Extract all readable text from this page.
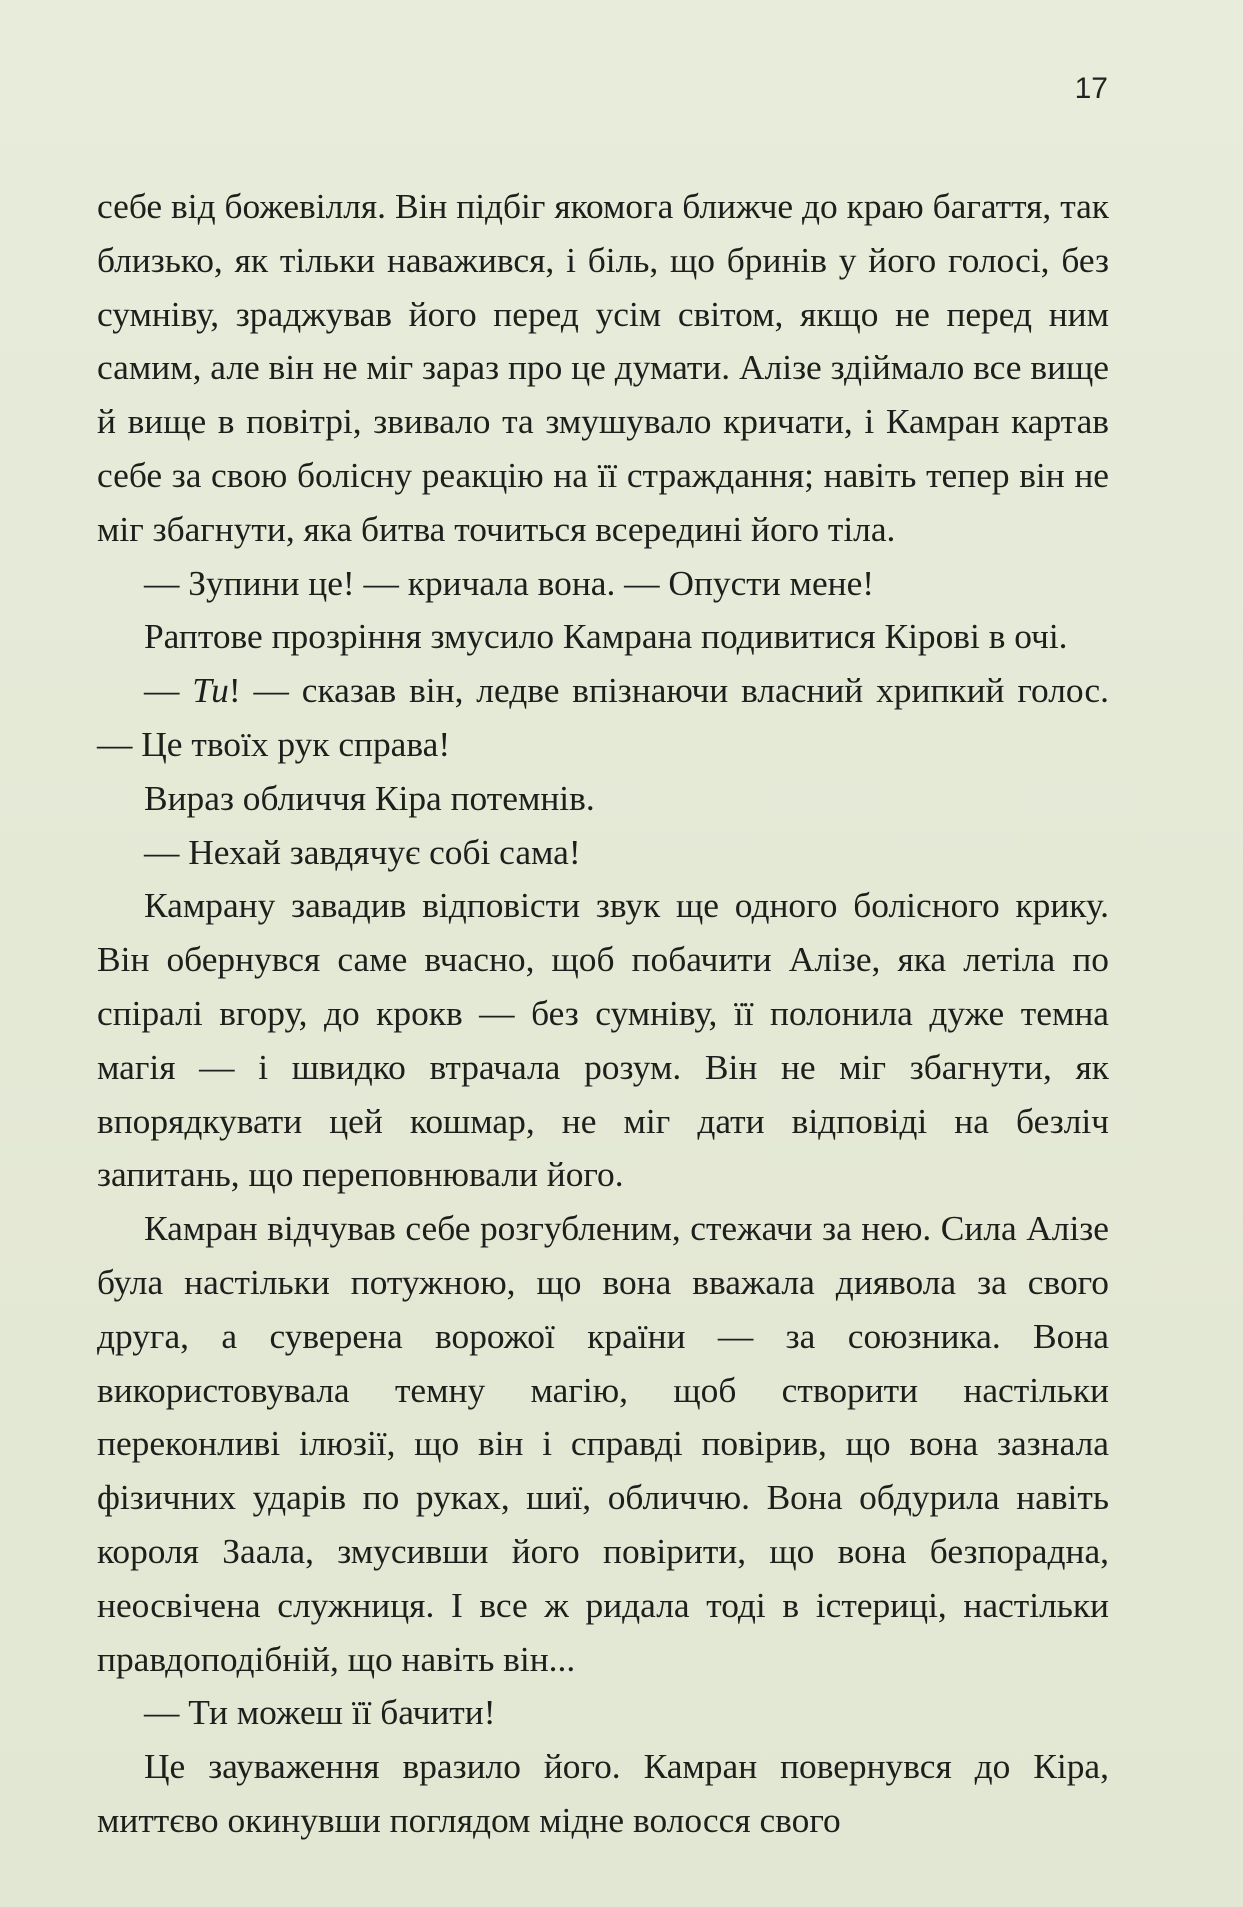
17

себе від божевілля. Він підбіг якомога ближче до краю багаття, так близько, як тільки наважився, і біль, що бринів у його голосі, без сумніву, зраджував його перед усім світом, якщо не перед ним самим, але він не міг зараз про це думати. Алізе здіймало все вище й вище в повітрі, звивало та змушувало кричати, і Камран картав себе за свою болісну реакцію на її страждання; навіть тепер він не міг збагнути, яка битва точиться всередині його тіла.

— Зупини це! — кричала вона. — Опусти мене!

Раптове прозріння змусило Камрана подивитися Кірові в очі.

— Ти! — сказав він, ледве впізнаючи власний хрипкий голос. — Це твоїх рук справа!

Вираз обличчя Кіра потемнів.

— Нехай завдячує собі сама!

Камрану завадив відповісти звук ще одного болісного крику. Він обернувся саме вчасно, щоб побачити Алізе, яка летіла по спіралі вгору, до крокв — без сумніву, її полонила дуже темна магія — і швидко втрачала розум. Він не міг збагнути, як впорядкувати цей кошмар, не міг дати відповіді на безліч запитань, що переповнювали його.

Камран відчував себе розгубленим, стежачи за нею. Сила Алізе була настільки потужною, що вона вважала диявола за свого друга, а суверена ворожої країни — за союзника. Вона використовувала темну магію, щоб створити настільки переконливі ілюзії, що він і справді повірив, що вона зазнала фізичних ударів по руках, шиї, обличчю. Вона обдурила навіть короля Заала, змусивши його повірити, що вона безпорадна, неосвічена служниця. І все ж ридала тоді в істериці, настільки правдоподібній, що навіть він...

— Ти можеш її бачити!

Це зауваження вразило його. Камран повернувся до Кіра, миттєво окинувши поглядом мідне волосся свого
